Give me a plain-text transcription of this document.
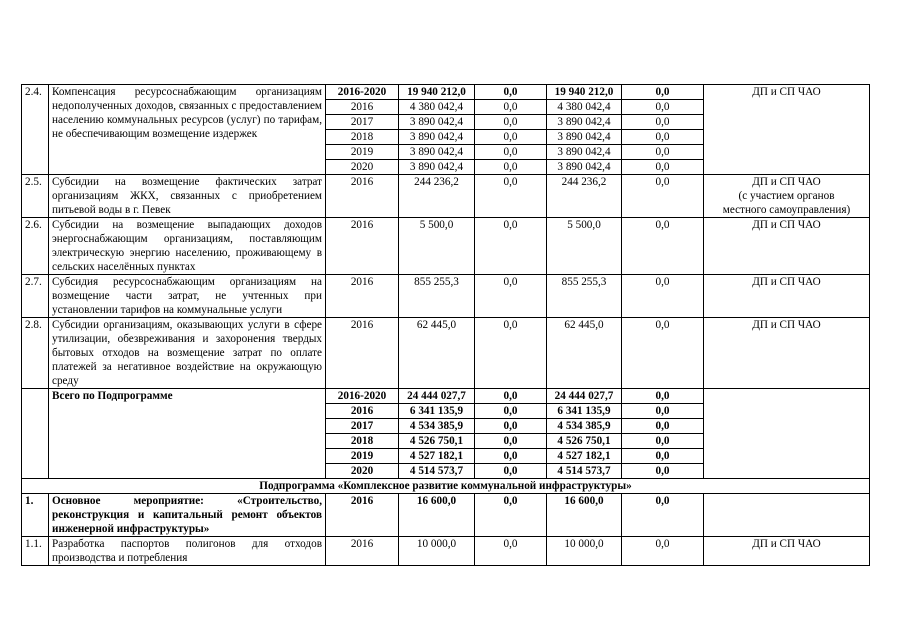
2.4.	Компенсация ресурсоснабжающим организациям недополученных доходов, связанных с предоставлением населению коммунальных ресурсов (услуг) по тарифам, не обеспечивающим возмещение издержек	2016-2020	19 940 212,0	0,0	19 940 212,0	0,0	ДП и СП ЧАО
		2016	4 380 042,4	0,0	4 380 042,4	0,0	
		2017	3 890 042,4	0,0	3 890 042,4	0,0	
		2018	3 890 042,4	0,0	3 890 042,4	0,0	
		2019	3 890 042,4	0,0	3 890 042,4	0,0	
		2020	3 890 042,4	0,0	3 890 042,4	0,0	
2.5.	Субсидии на возмещение фактических затрат организациям ЖКХ, связанных с приобретением питьевой воды в г. Певек	2016	244 236,2	0,0	244 236,2	0,0	ДП и СП ЧАО
(с участием органов
местного самоуправления)

2.6.	Субсидии на возмещение выпадающих доходов энергоснабжающим организациям, поставляющим электрическую энергию населению, проживающему в сельских населённых пунктах	2016	5 500,0	0,0	5 500,0	0,0	ДП и СП ЧАО
2.7.	Субсидия ресурсоснабжающим организациям на возмещение части затрат, не учтенных при установлении тарифов на коммунальные услуги	2016	855 255,3	0,0	855 255,3	0,0	ДП и СП ЧАО
2.8.	Субсидии организациям, оказывающих услуги в сфере утилизации, обезвреживания и захоронения твердых бытовых отходов на возмещение затрат по оплате платежей за негативное воздействие на окружающую среду	2016	62 445,0	0,0	62 445,0	0,0	ДП и СП ЧАО
	Всего по Подпрограмме	2016-2020	24 444 027,7	0,0	24 444 027,7	0,0	
		2016	6 341 135,9	0,0	6 341 135,9	0,0	
		2017	4 534 385,9	0,0	4 534 385,9	0,0	
		2018	4 526 750,1	0,0	4 526 750,1	0,0	
		2019	4 527 182,1	0,0	4 527 182,1	0,0	
		2020	4 514 573,7	0,0	4 514 573,7	0,0	
Подпрограмма «Комплексное развитие коммунальной инфраструктуры»							
1.	Основное мероприятие: «Строительство, реконструкция и капитальный ремонт объектов инженерной инфраструктуры»	2016	16 600,0	0,0	16 600,0	0,0	
1.1.	Разработка паспортов полигонов для отходов производства и потребления	2016	10 000,0	0,0	10 000,0	0,0	ДП и СП ЧАО
